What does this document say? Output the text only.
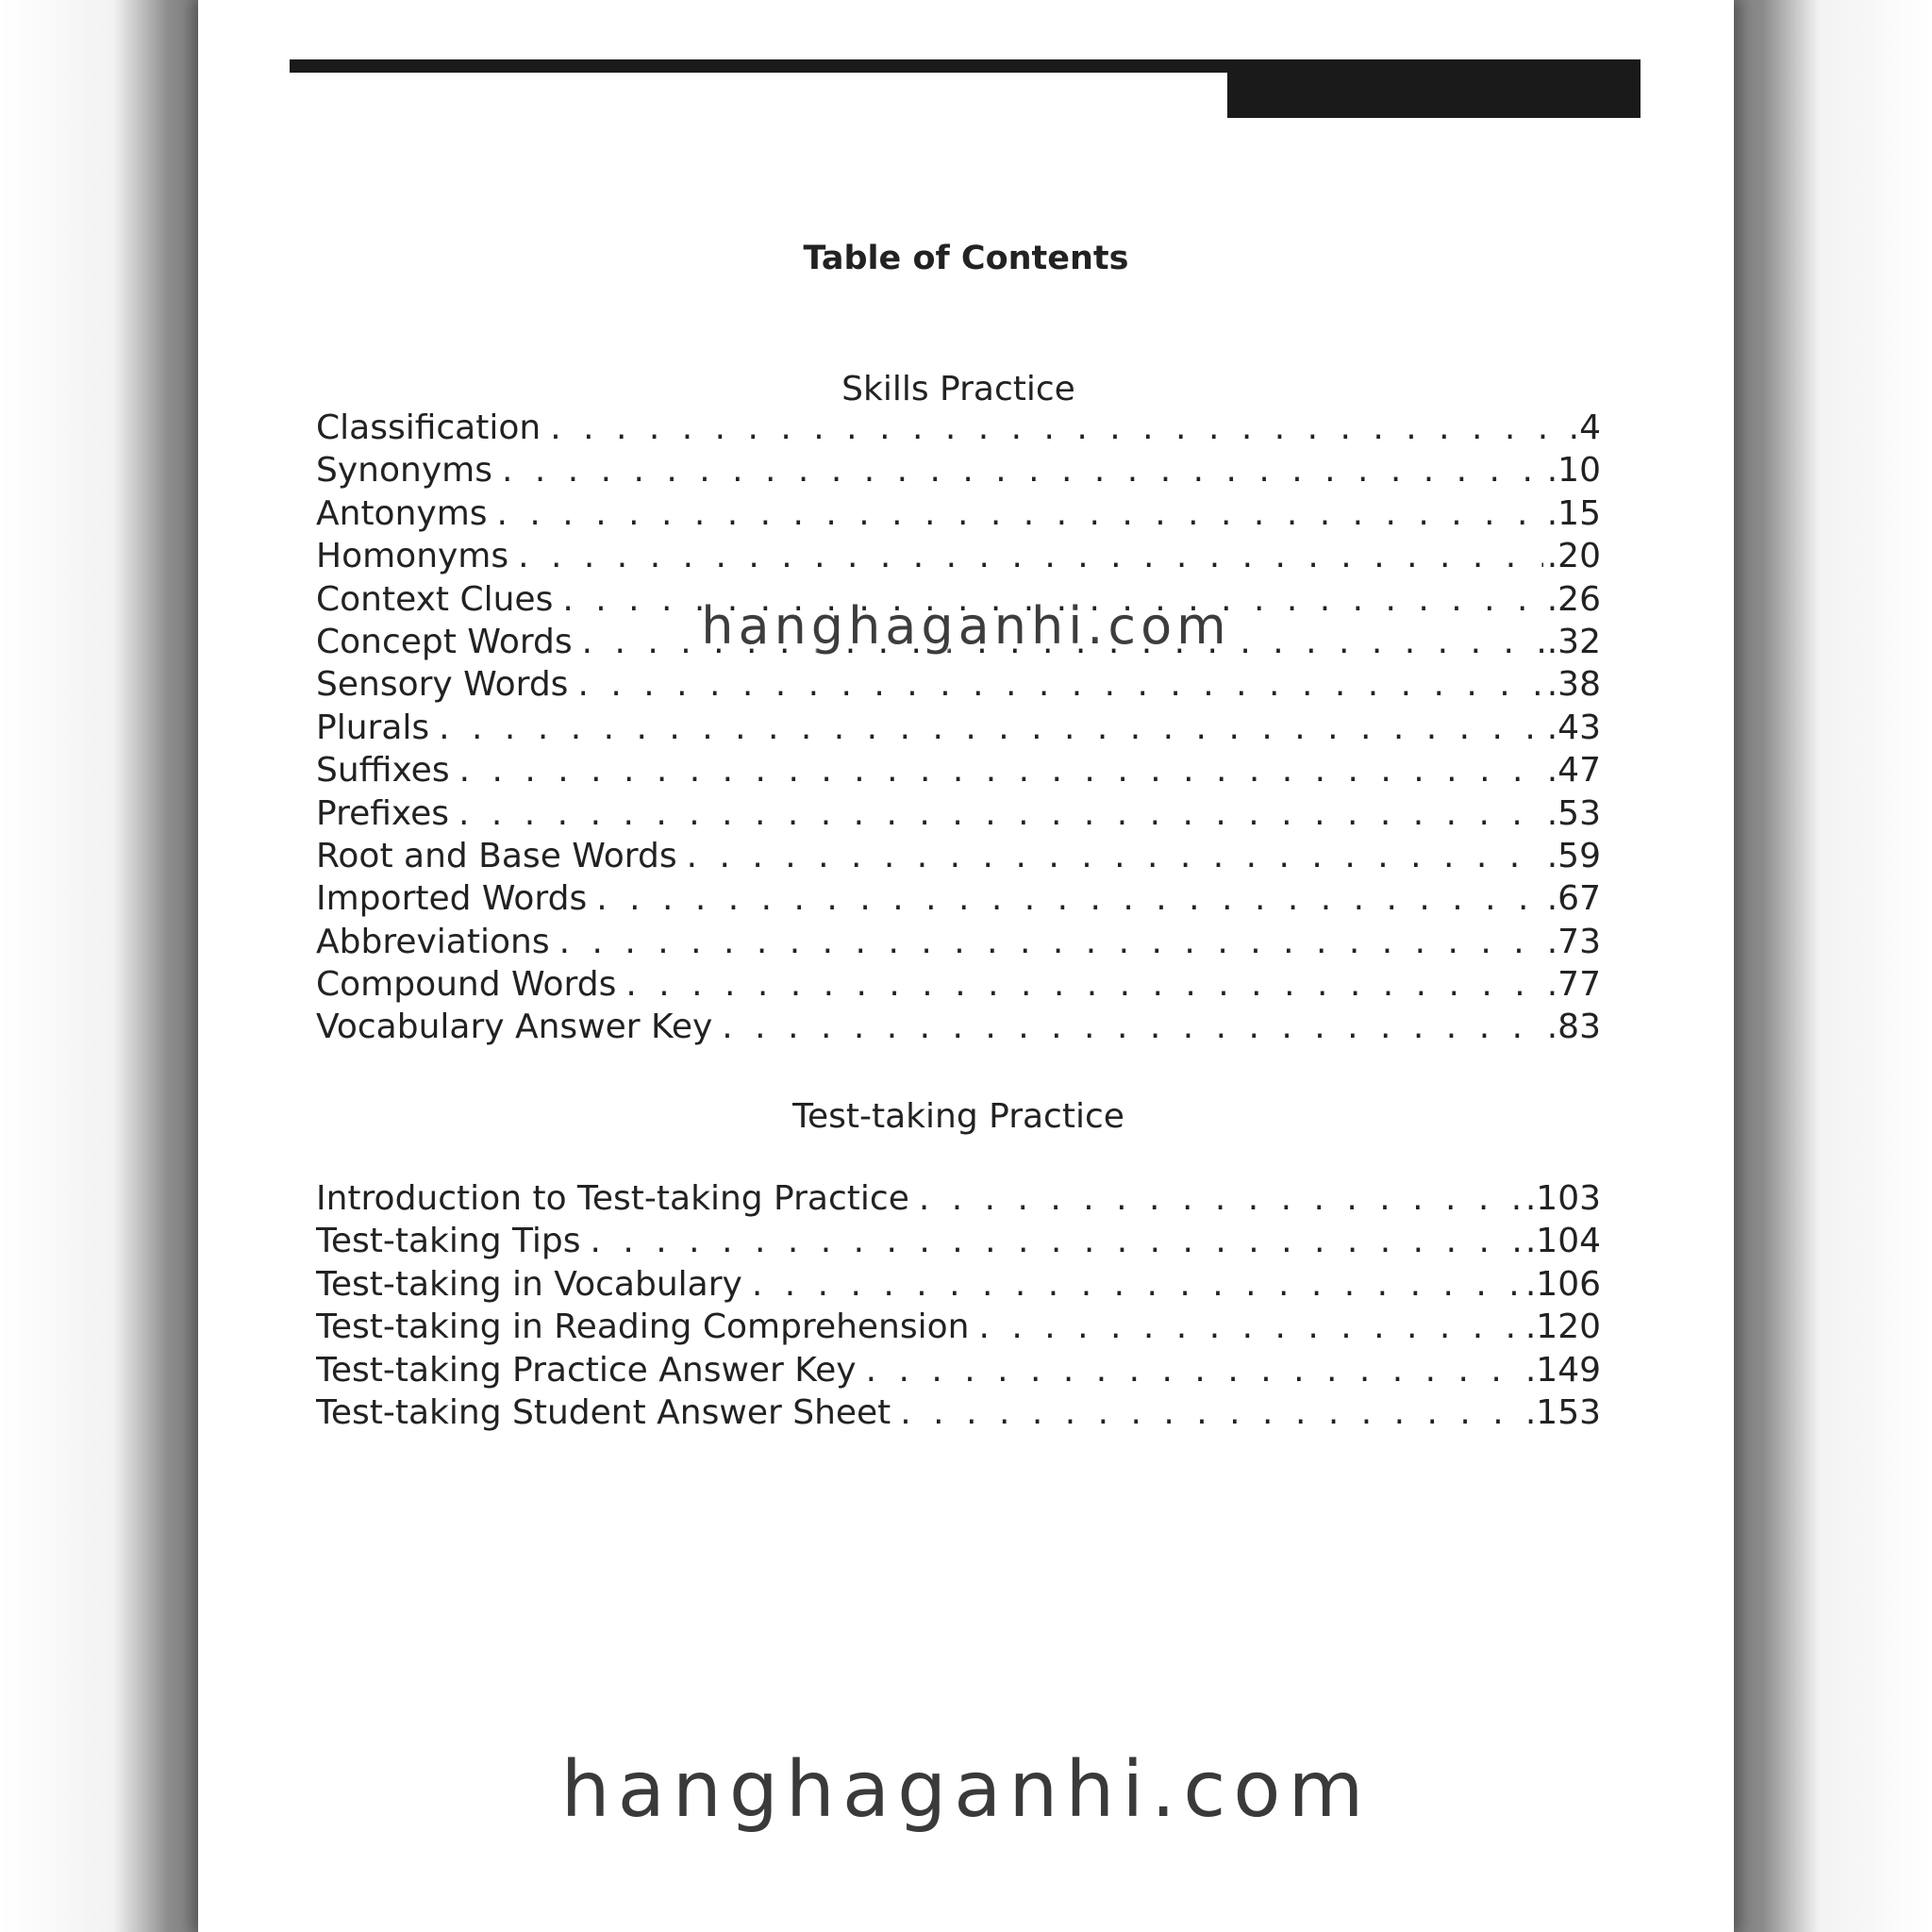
Table of Contents
Skills Practice
Classification . . .	.4
Synonyms . . .	.10
Antonyms . . .	.15
Homonyms . . .	.20
Context Clues . . .	.26
Concept Words . . .	.32
Sensory Words . . .	.38
Plurals . . .	.43
Suffixes . . .	.47
Prefixes . . .	.53
Root and Base Words . . .	.59
Imported Words . . .	.67
Abbreviations . . .	.73
Compound Words . . .	.77
Vocabulary Answer Key . . .	.83
Test-taking Practice
Introduction to Test-taking Practice . . .	.103
Test-taking Tips . . .	.104
Test-taking in Vocabulary . . .	.106
Test-taking in Reading Comprehension . . .	.120
Test-taking Practice Answer Key . . .	.149
Test-taking Student Answer Sheet . . .	.153
hanghaganhi.com
hanghaganhi.com
